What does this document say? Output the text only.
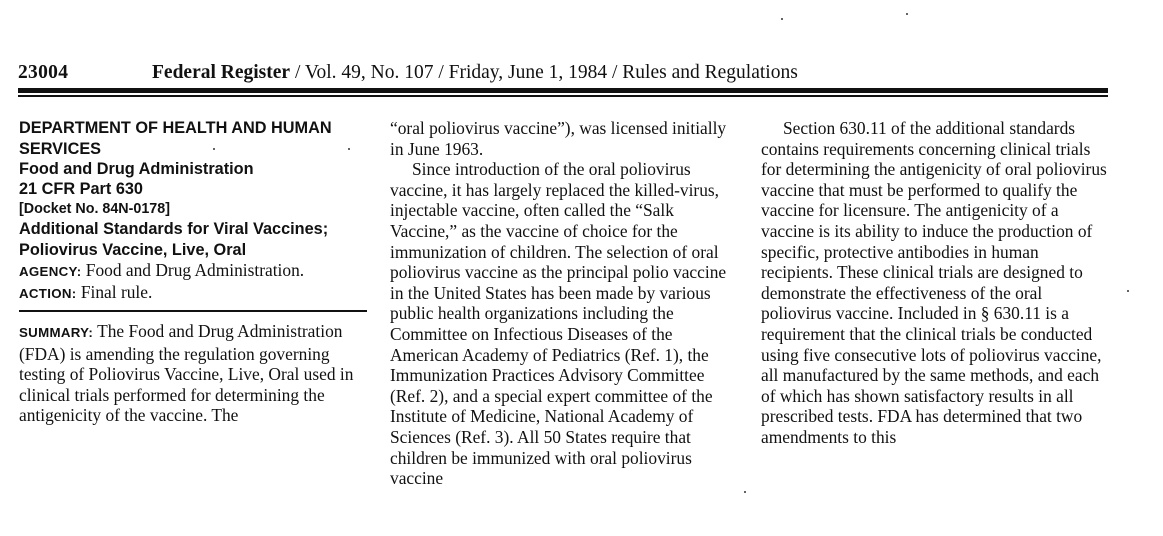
23004	Federal Register / Vol. 49, No. 107 / Friday, June 1, 1984 / Rules and Regulations

DEPARTMENT OF HEALTH AND HUMAN SERVICES

Food and Drug Administration

21 CFR Part 630

[Docket No. 84N-0178]

Additional Standards for Viral Vaccines; Poliovirus Vaccine, Live, Oral

AGENCY: Food and Drug Administration.

ACTION: Final rule.

SUMMARY: The Food and Drug Administration (FDA) is amending the regulation governing testing of Poliovirus Vaccine, Live, Oral used in clinical trials performed for determining the antigenicity of the vaccine. The

“oral poliovirus vaccine”), was licensed initially in June 1963.

Since introduction of the oral poliovirus vaccine, it has largely replaced the killed-virus, injectable vaccine, often called the “Salk Vaccine,” as the vaccine of choice for the immunization of children. The selection of oral poliovirus vaccine as the principal polio vaccine in the United States has been made by various public health organizations including the Committee on Infectious Diseases of the American Academy of Pediatrics (Ref. 1), the Immunization Practices Advisory Committee (Ref. 2), and a special expert committee of the Institute of Medicine, National Academy of Sciences (Ref. 3). All 50 States require that children be immunized with oral poliovirus vaccine

Section 630.11 of the additional standards contains requirements concerning clinical trials for determining the antigenicity of oral poliovirus vaccine that must be performed to qualify the vaccine for licensure. The antigenicity of a vaccine is its ability to induce the production of specific, protective antibodies in human recipients. These clinical trials are designed to demonstrate the effectiveness of the oral poliovirus vaccine. Included in § 630.11 is a requirement that the clinical trials be conducted using five consecutive lots of poliovirus vaccine, all manufactured by the same methods, and each of which has shown satisfactory results in all prescribed tests. FDA has determined that two amendments to this
